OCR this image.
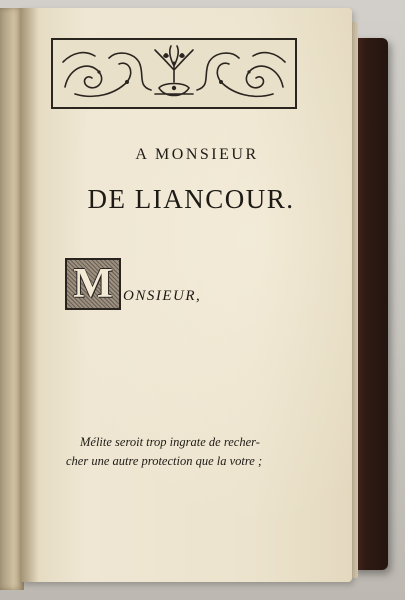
A MONSIEUR

DE LIANCOUR.

M ONSIEUR,
Mélite seroit trop ingrate de recher-
cher une autre protection que la votre ;
